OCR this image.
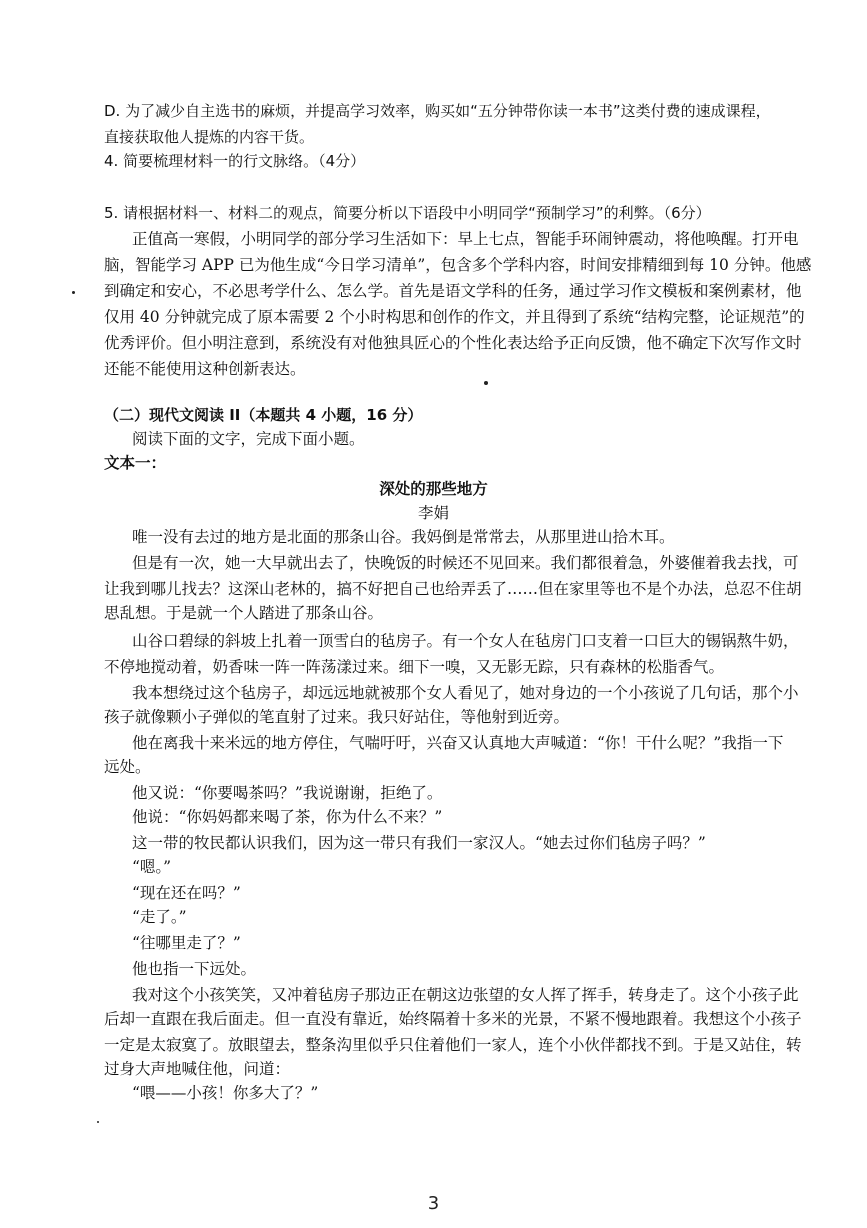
D. 为了减少自主选书的麻烦，并提高学习效率，购买如“五分钟带你读一本书”这类付费的速成课程，
直接获取他人提炼的内容干货。
4. 简要梳理材料一的行文脉络。（4分）
5. 请根据材料一、材料二的观点，简要分析以下语段中小明同学“预制学习”的利弊。（6分）
正值高一寒假，小明同学的部分学习生活如下：早上七点，智能手环闹钟震动，将他唤醒。打开电
脑，智能学习 APP 已为他生成“今日学习清单”，包含多个学科内容，时间安排精细到每 10 分钟。他感
到确定和安心，不必思考学什么、怎么学。首先是语文学科的任务，通过学习作文模板和案例素材，他
仅用 40 分钟就完成了原本需要 2 个小时构思和创作的作文，并且得到了系统“结构完整，论证规范”的
优秀评价。但小明注意到，系统没有对他独具匠心的个性化表达给予正向反馈，他不确定下次写作文时
还能不能使用这种创新表达。
（二）现代文阅读 II（本题共 4 小题，16 分）
阅读下面的文字，完成下面小题。
文本一：
深处的那些地方
李娟
唯一没有去过的地方是北面的那条山谷。我妈倒是常常去，从那里进山拾木耳。
但是有一次，她一大早就出去了，快晚饭的时候还不见回来。我们都很着急，外婆催着我去找，可
让我到哪儿找去？这深山老林的，搞不好把自己也给弄丢了……但在家里等也不是个办法，总忍不住胡
思乱想。于是就一个人踏进了那条山谷。
山谷口碧绿的斜坡上扎着一顶雪白的毡房子。有一个女人在毡房门口支着一口巨大的锡锅熬牛奶，
不停地搅动着，奶香味一阵一阵荡漾过来。细下一嗅，又无影无踪，只有森林的松脂香气。
我本想绕过这个毡房子，却远远地就被那个女人看见了，她对身边的一个小孩说了几句话，那个小
孩子就像颗小子弹似的笔直射了过来。我只好站住，等他射到近旁。
他在离我十来米远的地方停住，气喘吁吁，兴奋又认真地大声喊道：“你！干什么呢？”我指一下
远处。
他又说：“你要喝茶吗？”我说谢谢，拒绝了。
他说：“你妈妈都来喝了茶，你为什么不来？”
这一带的牧民都认识我们，因为这一带只有我们一家汉人。“她去过你们毡房子吗？”
“嗯。”
“现在还在吗？”
“走了。”
“往哪里走了？”
他也指一下远处。
我对这个小孩笑笑，又冲着毡房子那边正在朝这边张望的女人挥了挥手，转身走了。这个小孩子此
后却一直跟在我后面走。但一直没有靠近，始终隔着十多米的光景，不紧不慢地跟着。我想这个小孩子
一定是太寂寞了。放眼望去，整条沟里似乎只住着他们一家人，连个小伙伴都找不到。于是又站住，转
过身大声地喊住他，问道：
“喂——小孩！你多大了？”
3
